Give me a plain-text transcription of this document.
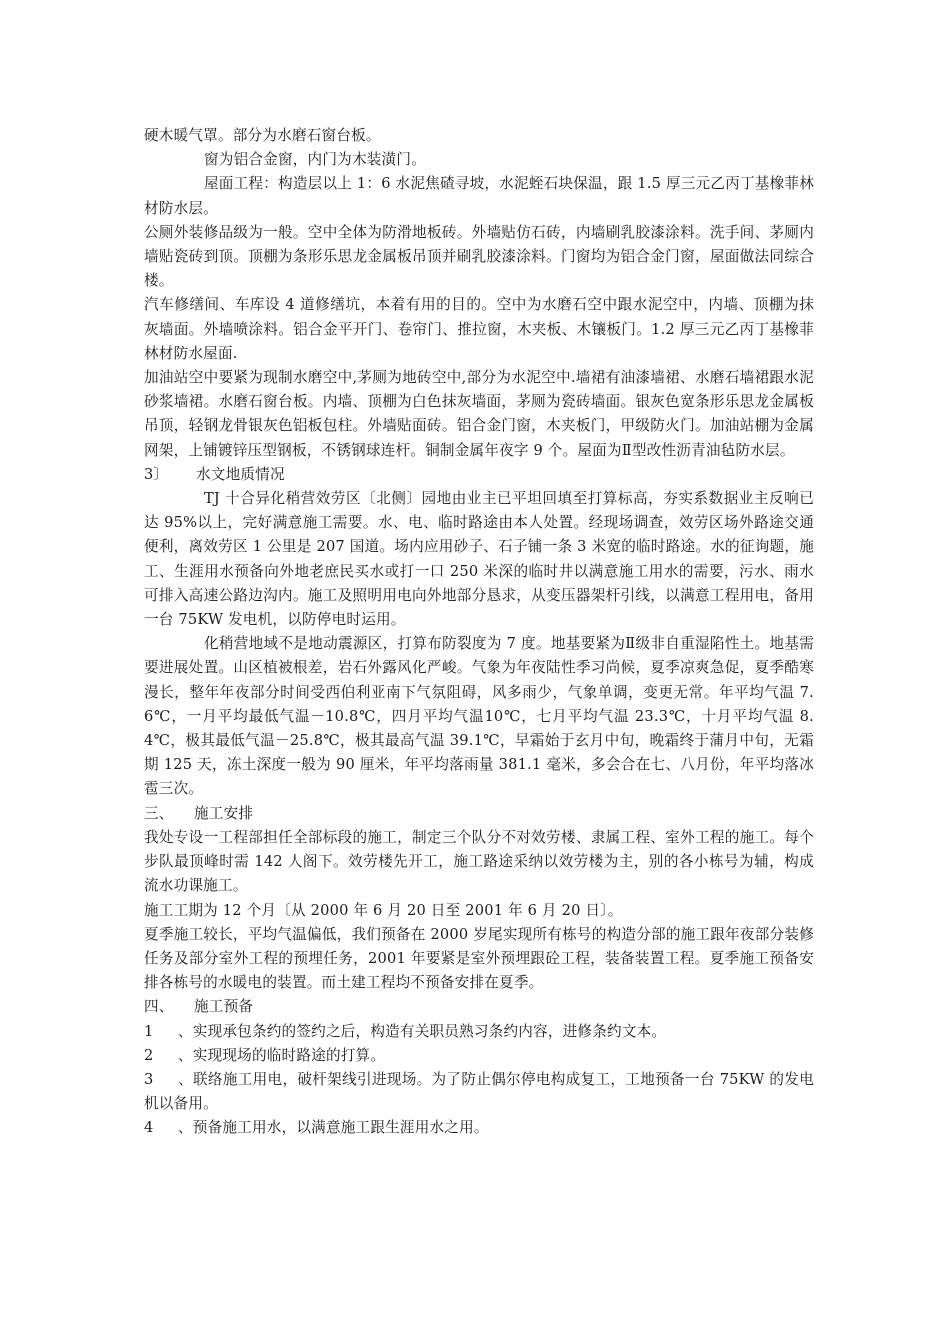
硬木暖气罩。部分为水磨石窗台板。

窗为铝合金窗，内门为木装潢门。

屋面工程：构造层以上 1：6 水泥焦碴寻坡，水泥蛭石块保温，跟 1.5 厚三元乙丙丁基橡菲林材防水层。

公厕外装修品级为一般。空中全体为防滑地板砖。外墙贴仿石砖，内墙刷乳胶漆涂料。洗手间、茅厕内墙贴瓷砖到顶。顶棚为条形乐思龙金属板吊顶并刷乳胶漆涂料。门窗均为铝合金门窗，屋面做法同综合楼。

汽车修缮间、车库设 4 道修缮坑，本着有用的目的。空中为水磨石空中跟水泥空中，内墙、顶棚为抹灰墙面。外墙喷涂料。铝合金平开门、卷帘门、推拉窗，木夹板、木镶板门。1.2 厚三元乙丙丁基橡菲林材防水屋面.

加油站空中要紧为现制水磨空中,茅厕为地砖空中,部分为水泥空中.墙裙有油漆墙裙、水磨石墙裙跟水泥砂浆墙裙。水磨石窗台板。内墙、顶棚为白色抹灰墙面，茅厕为瓷砖墙面。银灰色宽条形乐思龙金属板吊顶，轻钢龙骨银灰色铝板包柱。外墙贴面砖。铝合金门窗，木夹板门，甲级防火门。加油站棚为金属网架，上铺镀锌压型钢板，不锈钢球连杆。铜制金属年夜字 9 个。屋面为Ⅱ型改性沥青油毡防水层。

3〕 水文地质情况

TJ 十合异化稍营效劳区〔北侧〕园地由业主已平坦回填至打算标高，夯实系数据业主反响已达 95%以上，完好满意施工需要。水、电、临时路途由本人处置。经现场调查，效劳区场外路途交通便利，离效劳区 1 公里是 207 国道。场内应用砂子、石子铺一条 3 米宽的临时路途。水的征询题，施工、生涯用水预备向外地老庶民买水或打一口 250 米深的临时井以满意施工用水的需要，污水、雨水可排入高速公路边沟内。施工及照明用电向外地部分恳求，从变压器架杆引线，以满意工程用电，备用一台 75KW 发电机，以防停电时运用。

化稍营地域不是地动震源区，打算布防裂度为 7 度。地基要紧为Ⅱ级非自重湿陷性土。地基需要进展处置。山区植被根差，岩石外露风化严峻。气象为年夜陆性季习尚候，夏季凉爽急促，夏季酷寒漫长，整年年夜部分时间受西伯利亚南下气氛阻碍，风多雨少，气象单调，变更无常。年平均气温 7.6℃，一月平均最低气温－10.8℃，四月平均气温10℃，七月平均气温 23.3℃，十月平均气温 8.4℃，极其最低气温－25.8℃，极其最高气温 39.1℃，早霜始于玄月中旬，晚霜终于蒲月中旬，无霜期 125 天，冻土深度一般为 90 厘米，年平均落雨量 381.1 毫米，多会合在七、八月份，年平均落冰雹三次。

三、 施工安排

我处专设一工程部担任全部标段的施工，制定三个队分不对效劳楼、隶属工程、室外工程的施工。每个步队最顶峰时需 142 人阁下。效劳楼先开工，施工路途采纳以效劳楼为主，别的各小栋号为辅，构成流水功课施工。

施工工期为 12 个月〔从 2000 年 6 月 20 日至 2001 年 6 月 20 日〕。

夏季施工较长，平均气温偏低，我们预备在 2000 岁尾实现所有栋号的构造分部的施工跟年夜部分装修任务及部分室外工程的预埋任务，2001 年要紧是室外预埋跟砼工程，装备装置工程。夏季施工预备安排各栋号的水暖电的装置。而土建工程均不预备安排在夏季。

四、 施工预备

1 、实现承包条约的签约之后，构造有关职员熟习条约内容，进修条约文本。

2 、实现现场的临时路途的打算。

3 、联络施工用电，破杆架线引进现场。为了防止偶尔停电构成复工，工地预备一台 75KW 的发电机以备用。

4 、预备施工用水，以满意施工跟生涯用水之用。
